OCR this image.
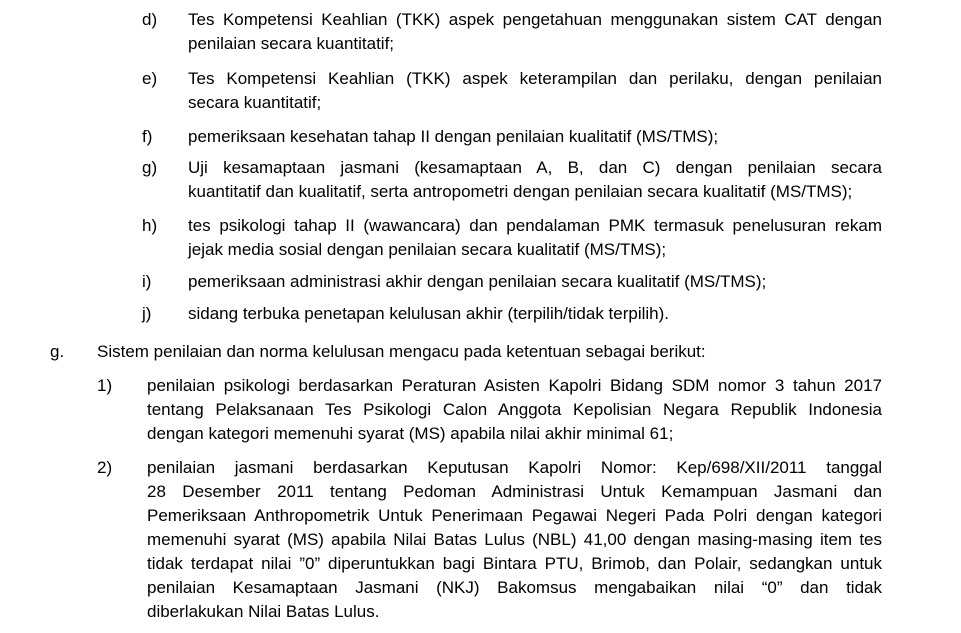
d) Tes Kompetensi Keahlian (TKK) aspek pengetahuan menggunakan sistem CAT dengan
penilaian secara kuantitatif;
e) Tes Kompetensi Keahlian (TKK) aspek keterampilan dan perilaku, dengan penilaian
secara kuantitatif;
f) pemeriksaan kesehatan tahap II dengan penilaian kualitatif (MS/TMS);
g) Uji kesamaptaan jasmani (kesamaptaan A, B, dan C) dengan penilaian secara
kuantitatif dan kualitatif, serta antropometri dengan penilaian secara kualitatif (MS/TMS);
h) tes psikologi tahap II (wawancara) dan pendalaman PMK termasuk penelusuran rekam
jejak media sosial dengan penilaian secara kualitatif (MS/TMS);
i) pemeriksaan administrasi akhir dengan penilaian secara kualitatif (MS/TMS);
j) sidang terbuka penetapan kelulusan akhir (terpilih/tidak terpilih).
g. Sistem penilaian dan norma kelulusan mengacu pada ketentuan sebagai berikut:
1) penilaian psikologi berdasarkan Peraturan Asisten Kapolri Bidang SDM nomor 3 tahun 2017
tentang Pelaksanaan Tes Psikologi Calon Anggota Kepolisian Negara Republik Indonesia
dengan kategori memenuhi syarat (MS) apabila nilai akhir minimal 61;
2) penilaian jasmani berdasarkan Keputusan Kapolri Nomor: Kep/698/XII/2011 tanggal
28 Desember 2011 tentang Pedoman Administrasi Untuk Kemampuan Jasmani dan
Pemeriksaan Anthropometrik Untuk Penerimaan Pegawai Negeri Pada Polri dengan kategori
memenuhi syarat (MS) apabila Nilai Batas Lulus (NBL) 41,00 dengan masing-masing item tes
tidak terdapat nilai ”0” diperuntukkan bagi Bintara PTU, Brimob, dan Polair, sedangkan untuk
penilaian Kesamaptaan Jasmani (NKJ) Bakomsus mengabaikan nilai “0” dan tidak
diberlakukan Nilai Batas Lulus.
